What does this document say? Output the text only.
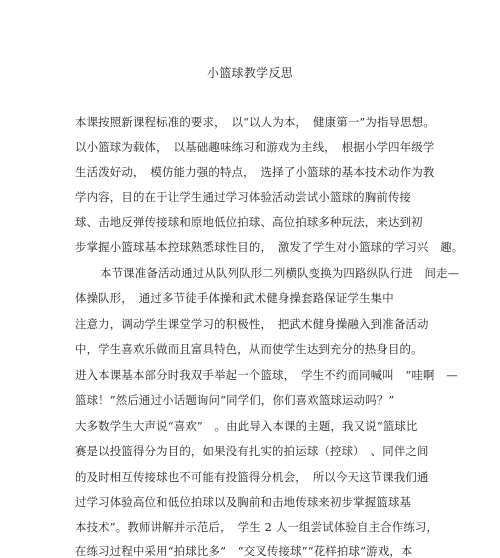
小篮球教学反思
本课按照新课程标准的要求，　以“以人为本，　健康第一”为指导思想。
以小篮球为载体，　以基础趣味练习和游戏为主线，　根据小学四年级学
生活泼好动，　模仿能力强的特点，　选择了小篮球的基本技术动作为教
学内容，目的在于让学生通过学习体验活动尝试小篮球的胸前传接
球、击地反弹传接球和原地低位拍球、高位拍球多种玩法，来达到初
步掌握小篮球基本控球熟悉球性目的，　激发了学生对小篮球的学习兴　趣。
本节课准备活动通过从队列队形二列横队变换为四路纵队行进　间走—
体操队形，　通过多节徒手体操和武术健身操套路保证学生集中
注意力，调动学生课堂学习的积极性，　把武术健身操融入到准备活动
中，学生喜欢乐做而且富具特色，从而使学生达到充分的热身目的。
进入本课基本部分时我双手举起一个篮球，　学生不约而同喊叫　“哇啊　—
篮球！”然后通过小话题询问“同学们，你们喜欢篮球运动吗？”
大多数学生大声说“喜欢”　。由此导入本课的主题，我又说“篮球比
赛是以投篮得分为目的，如果没有扎实的拍运球（控球）　、同伴之间
的及时相互传接球也不可能有投篮得分机会，　所以今天这节课我们通
过学习体验高位和低位拍球以及胸前和击地传球来初步掌握篮球基
本技术”。教师讲解并示范后，　学生 2 人一组尝试体验自主合作练习，
在练习过程中采用“拍球比多”　“交叉传接球”“花样拍球”游戏，本
